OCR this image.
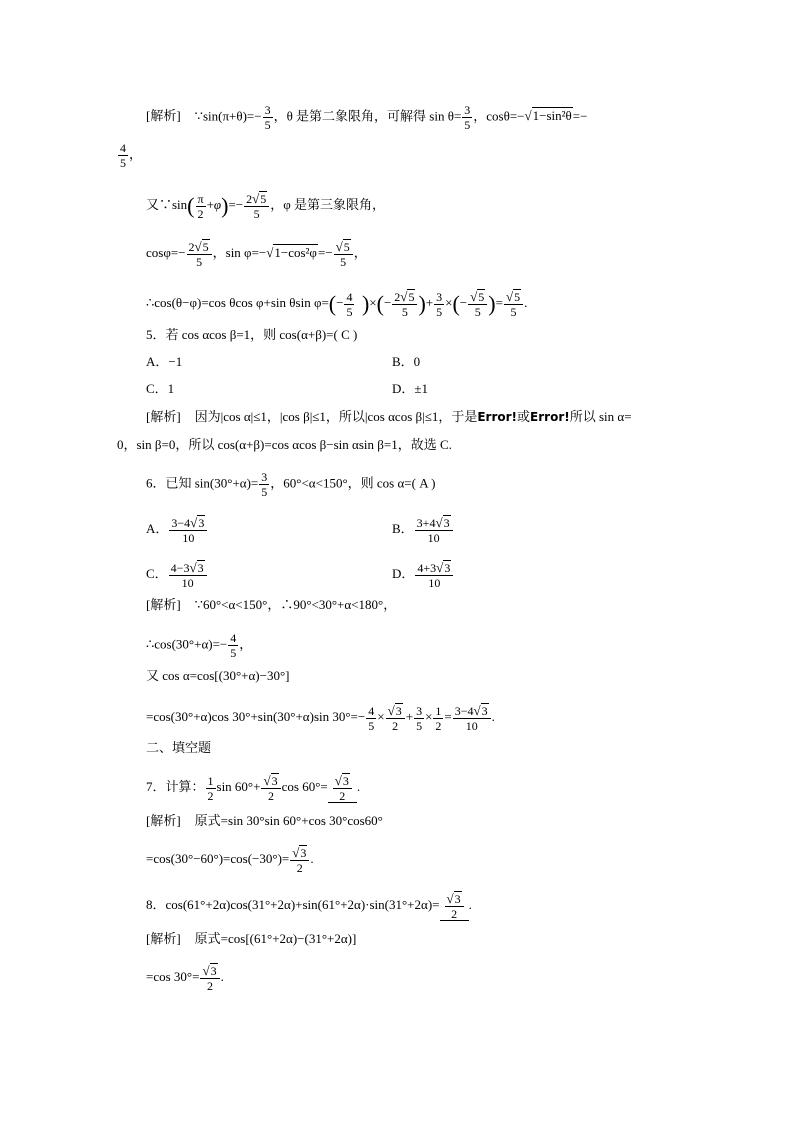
[解析] ∵sin(π+θ)=− $\frac{3}{5}$ ，θ 是第二象限角，可解得 $\sin \theta= \frac{3}{5}$ ，cosθ=−√1−sin²θ=−
$\frac{4}{5}$ ，
又∵sin( $\frac{\pi}{2} +\varphi)=- \frac{2√5}{5}$ ，φ 是第三象限角，
$\cos\varphi=- \frac{2√5}{5}$ ，$\sin \varphi=-√1-\cos^2\varphi=- \frac{√5}{5}$ ，
∴cos(θ−φ)=cos θcos φ+sin θsin $\varphi=(- \frac{4}{5}$ )×(− $\frac{2√5}{5}$ )+ $\frac{3}{5}$ ×(− $\frac{√5}{5}$ )= $\frac{√5}{5}$ .
5．若 cos αcos β=1，则 cos(α+β)=( C )
A．−1	B．0
C．1	D．±1
[解析] 因为|cos α|≤1，|cos β|≤1，所以|cos αcos β|≤1，于是Error!或Error!所以 sin α=
0，sin β=0，所以 cos(α+β)=cos αcos β−sin αsin β=1，故选 C.
6．已知 $\sin(30^\circ+\alpha)= \frac{3}{5}$ ，60°<α<150°，则 cos α=( A )
A． $\frac{3-4√3}{10}$	B． $\frac{3+4√3}{10}$
C． $\frac{4-3√3}{10}$	D． $\frac{4+3√3}{10}$
[解析] ∵60°<α<150°，∴90°<30°+α<180°，
∴cos(30°+α)=− $\frac{4}{5}$ ，
又 cos α=cos[(30°+α)−30°]
=cos(30°+α)cos 30°+sin(30°+α)sin $30^\circ=- \frac{4}{5} \times \frac{√3}{2} + \frac{3}{5} \times \frac{1}{2} = \frac{3-4√3}{10}$ .
二、填空题
7．计算： $\frac{1}{2}$ $\sin 60^\circ+ \frac{√3}{2}$ $\cos 60^\circ= \frac{√3}{2}$ .
[解析] 原式=sin 30°sin 60°+cos 30°cos60°
$=\cos(30^\circ-60^\circ)=\cos(-30^\circ)= \frac{√3}{2}$ .
8．$\cos(61^\circ+2\alpha)\cos(31^\circ+2\alpha)+\sin(61^\circ+2\alpha)\cdot\sin(31^\circ+2\alpha)= \frac{√3}{2}$ .
[解析] 原式=cos[(61°+2α)−(31°+2α)]
=cos $30^\circ= \frac{√3}{2}$ .
